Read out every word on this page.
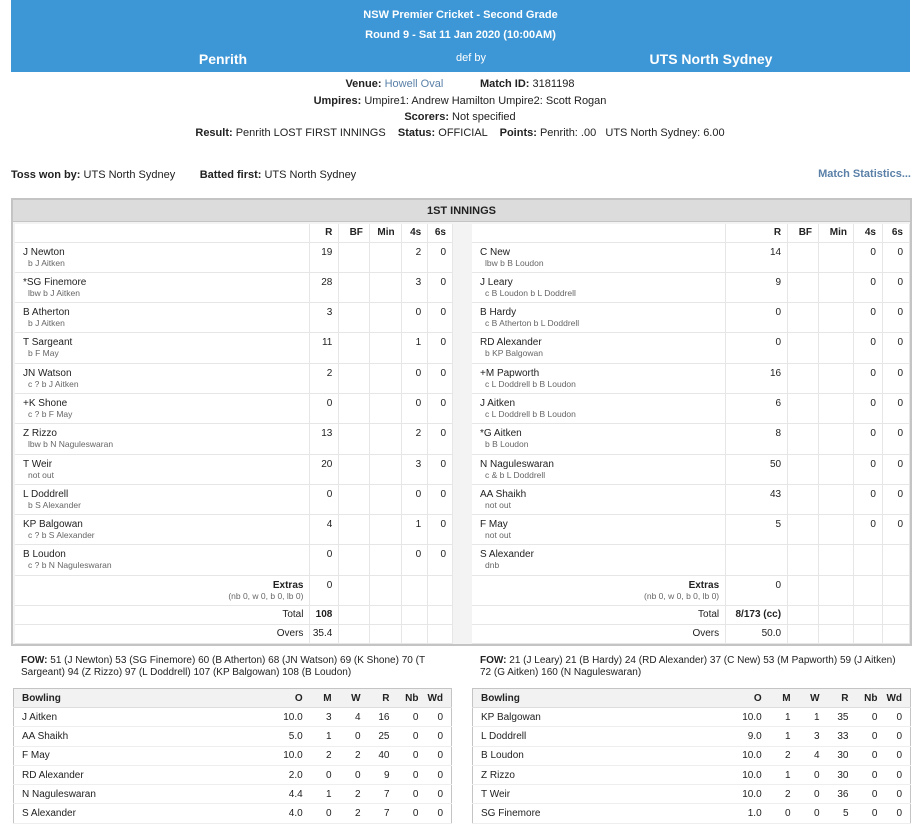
NSW Premier Cricket - Second Grade
Round 9 - Sat 11 Jan 2020 (10:00AM)
Penrith	def by	UTS North Sydney
Venue: Howell Oval	Match ID: 3181198
Umpires: Umpire1: Andrew Hamilton Umpire2: Scott Rogan
Scorers: Not specified
Result: Penrith LOST FIRST INNINGS Status: OFFICIAL Points: Penrith: .00   UTS North Sydney: 6.00
Toss won by: UTS North Sydney Batted first: UTS North Sydney	Match Statistics...
1ST INNINGS
	R	BF	Min	4s	6s

J Newton
b J Aitken	19			2	0

*SG Finemore
lbw b J Aitken	28			3	0

B Atherton
b J Aitken	3			0	0

T Sargeant
b F May	11			1	0

JN Watson
c ? b J Aitken	2			0	0

+K Shone
c ? b F May	0			0	0

Z Rizzo
lbw b N Naguleswaran	13			2	0

T Weir
not out	20			3	0

L Doddrell
b S Alexander	0			0	0

KP Balgowan
c ? b S Alexander	4			1	0

B Loudon
c ? b N Naguleswaran	0			0	0

Extras
(nb 0, w 0, b 0, lb 0)	0				
Total	108				
Overs	35.4				
	R	BF	Min	4s	6s

C New
lbw b B Loudon	14			0	0

J Leary
c B Loudon b L Doddrell	9			0	0

B Hardy
c B Atherton b L Doddrell	0			0	0

RD Alexander
b KP Balgowan	0			0	0

+M Papworth
c L Doddrell b B Loudon	16			0	0

J Aitken
c L Doddrell b B Loudon	6			0	0

*G Aitken
b B Loudon	8			0	0

N Naguleswaran
c & b L Doddrell	50			0	0

AA Shaikh
not out	43			0	0

F May
not out	5			0	0

S Alexander
dnb					

Extras
(nb 0, w 0, b 0, lb 0)	0				
Total	8/173 (cc)				
Overs	50.0				
FOW: 51 (J Newton) 53 (SG Finemore) 60 (B Atherton) 68 (JN Watson) 69 (K Shone) 70 (T Sargeant) 94 (Z Rizzo) 97 (L Doddrell) 107 (KP Balgowan) 108 (B Loudon)
FOW: 21 (J Leary) 21 (B Hardy) 24 (RD Alexander) 37 (C New) 53 (M Papworth) 59 (J Aitken) 72 (G Aitken) 160 (N Naguleswaran)
Bowling	O	M	W	R	Nb	Wd
J Aitken	10.0	3	4	16	0	0
AA Shaikh	5.0	1	0	25	0	0
F May	10.0	2	2	40	0	0
RD Alexander	2.0	0	0	9	0	0
N Naguleswaran	4.4	1	2	7	0	0
S Alexander	4.0	0	2	7	0	0
Bowling	O	M	W	R	Nb	Wd
KP Balgowan	10.0	1	1	35	0	0
L Doddrell	9.0	1	3	33	0	0
B Loudon	10.0	2	4	30	0	0
Z Rizzo	10.0	1	0	30	0	0
T Weir	10.0	2	0	36	0	0
SG Finemore	1.0	0	0	5	0	0
